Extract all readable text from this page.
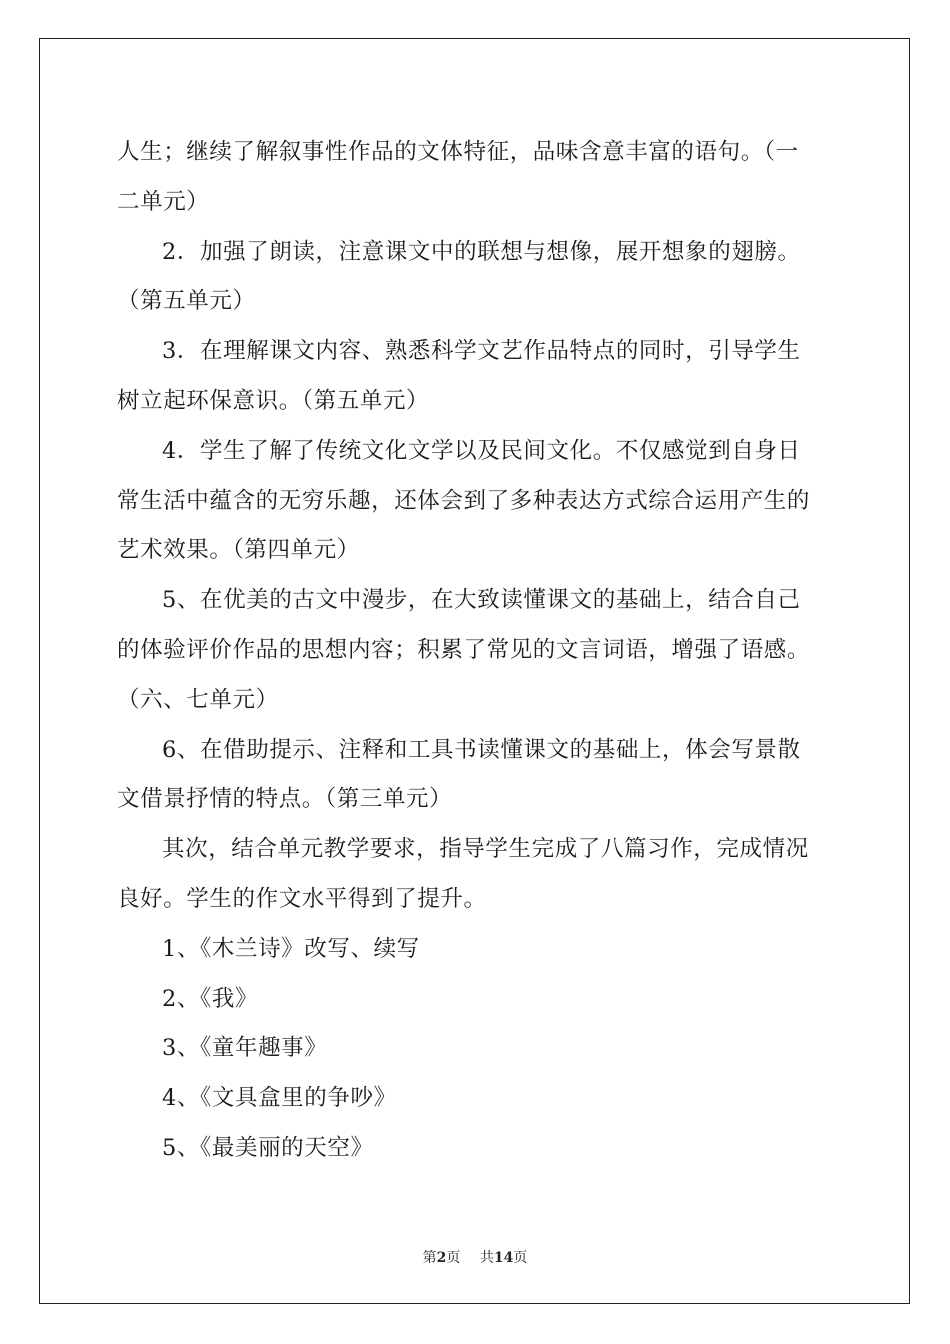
人生；继续了解叙事性作品的文体特征，品味含意丰富的语句。（一
二单元）
2．加强了朗读，注意课文中的联想与想像，展开想象的翅膀。
（第五单元）
3．在理解课文内容、熟悉科学文艺作品特点的同时，引导学生
树立起环保意识。（第五单元）
4．学生了解了传统文化文学以及民间文化。不仅感觉到自身日
常生活中蕴含的无穷乐趣，还体会到了多种表达方式综合运用产生的
艺术效果。（第四单元）
5、在优美的古文中漫步，在大致读懂课文的基础上，结合自己
的体验评价作品的思想内容；积累了常见的文言词语，增强了语感。
（六、七单元）
6、在借助提示、注释和工具书读懂课文的基础上，体会写景散
文借景抒情的特点。（第三单元）
其次，结合单元教学要求，指导学生完成了八篇习作，完成情况
良好。学生的作文水平得到了提升。
1、《木兰诗》改写、续写
2、《我》
3、《童年趣事》
4、《文具盒里的争吵》
5、《最美丽的天空》
第2页 共14页
